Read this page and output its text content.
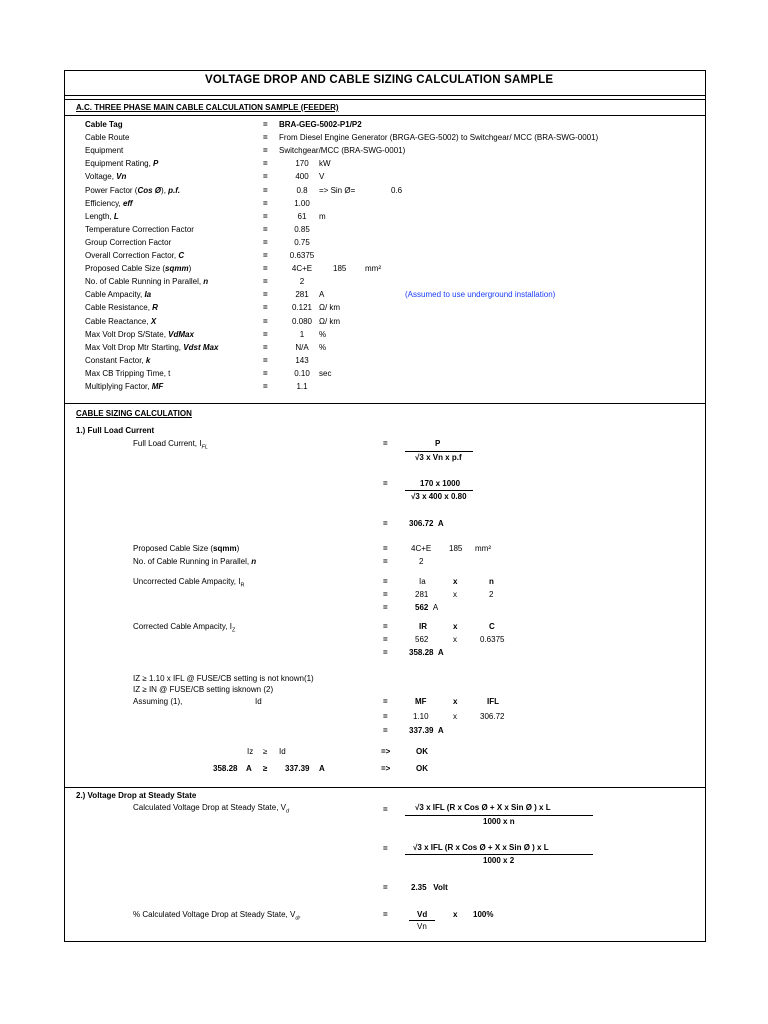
VOLTAGE DROP AND CABLE SIZING CALCULATION SAMPLE
A.C. THREE PHASE MAIN CABLE CALCULATION SAMPLE (FEEDER)
Cable Tag	= BRA-GEG-5002-P1/P2
Cable Route	= From Diesel Engine Generator (BRGA-GEG-5002) to Switchgear/ MCC (BRA-SWG-0001)
Equipment	= Switchgear/MCC (BRA-SWG-0001)
Equipment Rating, P	=	170	kW
Voltage, Vn	=	400	V
Power Factor (Cos Ø), p.f.	=	0.8	=> Sin Ø=	0.6
Efficiency, eff	=	1.00
Length, L	=	61	m
Temperature Correction Factor	=	0.85
Group Correction Factor	=	0.75
Overall Correction Factor, C	=	0.6375
Proposed Cable Size (sqmm)	=	4C+E	185 mm²
No. of Cable Running in Parallel, n	=	2
Cable Ampacity, Ia	=	281	A	(Assumed to use underground installation)
Cable Resistance, R	=	0.121 Ω/ km
Cable Reactance, X	=	0.080 Ω/ km
Max Volt Drop S/State, VdMax	=	1	%
Max Volt Drop Mtr Starting, Vdst Max	=	N/A	%
Constant Factor, k	=	143
Max CB Tripping Time, t	=	0.10	sec
Multiplying Factor, MF	=	1.1
CABLE SIZING CALCULATION
1.) Full Load Current
Full Load Current, $I_{FL}$	=	P
√3 x Vn x p.f
=	170 x 1000
√3 x 400 x 0.80
=	306.72 A
Proposed Cable Size (sqmm)	=	4C+E 185 mm²
No. of Cable Running in Parallel, n	=	2
Uncorrected Cable Ampacity, $I_R$	=	Ia	x	n
=	281	x	2
=	562 A
Corrected Cable Ampacity, $I_Z$	=	IR	x	C
=	562	x	0.6375
=	358.28 A
IZ ≥ 1.10 x IFL @ FUSE/CB setting is not known(1)
IZ ≥ IN @ FUSE/CB setting isknown (2)
Assuming (1),	Id	=	MF	x	IFL
=	1.10	x	306.72
=	337.39 A
Iz ≥ Id	=>	OK
358.28 A ≥ 337.39 A	=>	OK
2.) Voltage Drop at Steady State
Calculated Voltage Drop at Steady State, $V_d$	=	√3 x IFL (R x Cos Ø + X x Sin Ø ) x L
1000 x n
=	√3 x IFL (R x Cos Ø + X x Sin Ø ) x L
1000 x 2
=	2.35 Volt
% Calculated Voltage Drop at Steady State, $V_{dr}$	=	Vd
Vn
x 100%
